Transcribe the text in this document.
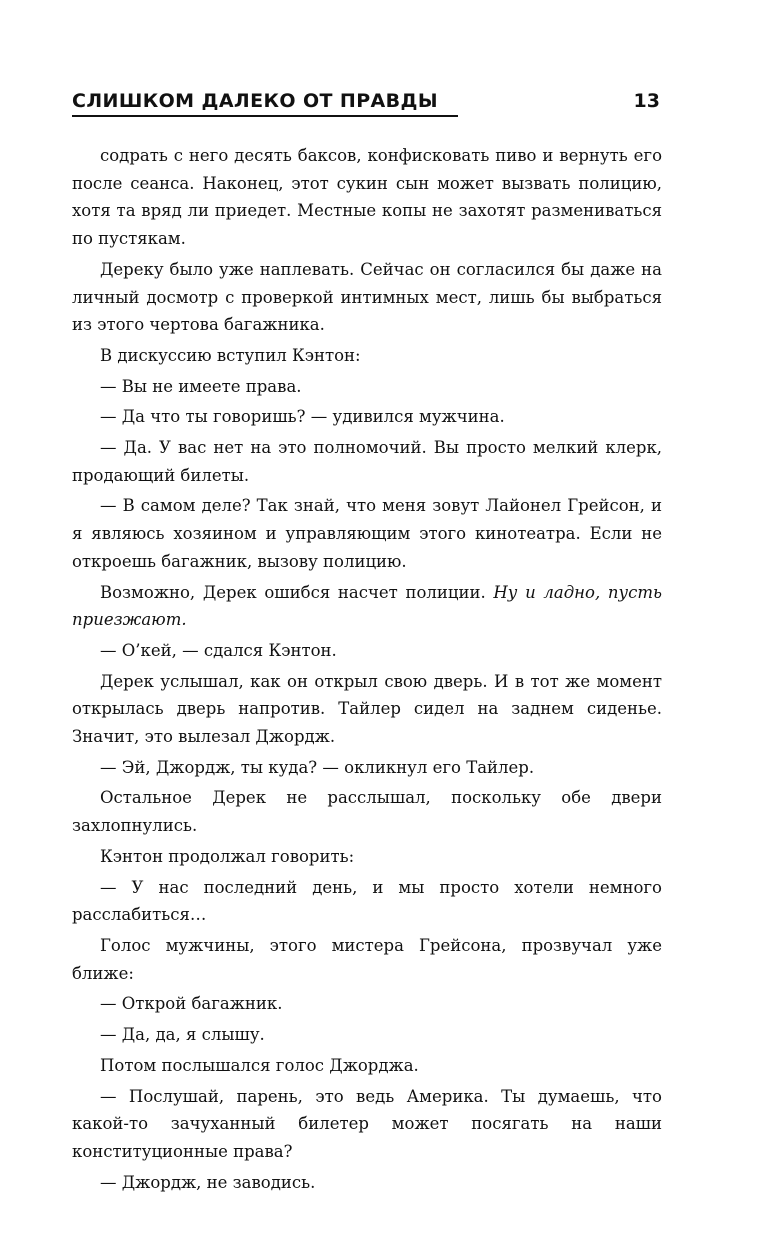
СЛИШКОМ ДАЛЕКО ОТ ПРАВДЫ	13

содрать с него десять баксов, конфисковать пиво и вернуть его после сеанса. Наконец, этот сукин сын может вызвать полицию, хотя та вряд ли приедет. Местные копы не захотят размениваться по пустякам.

Дереку было уже наплевать. Сейчас он согласился бы даже на личный досмотр с проверкой интимных мест, лишь бы выбраться из этого чертова багажника.

В дискуссию вступил Кэнтон:

— Вы не имеете права.

— Да что ты говоришь? — удивился мужчина.

— Да. У вас нет на это полномочий. Вы просто мелкий клерк, продающий билеты.

— В самом деле? Так знай, что меня зовут Лайонел Грейсон, и я являюсь хозяином и управляющим этого кинотеатра. Если не откроешь багажник, вызову полицию.

Возможно, Дерек ошибся насчет полиции. Ну и ладно, пусть приезжают.

— О’кей, — сдался Кэнтон.

Дерек услышал, как он открыл свою дверь. И в тот же момент открылась дверь напротив. Тайлер сидел на заднем сиденье. Значит, это вылезал Джордж.

— Эй, Джордж, ты куда? — окликнул его Тайлер.

Остальное Дерек не расслышал, поскольку обе двери захлопнулись.

Кэнтон продолжал говорить:

— У нас последний день, и мы просто хотели немного расслабиться…

Голос мужчины, этого мистера Грейсона, прозвучал уже ближе:

— Открой багажник.

— Да, да, я слышу.

Потом послышался голос Джорджа.

— Послушай, парень, это ведь Америка. Ты думаешь, что какой-то зачуханный билетер может посягать на наши конституционные права?

— Джордж, не заводись.
